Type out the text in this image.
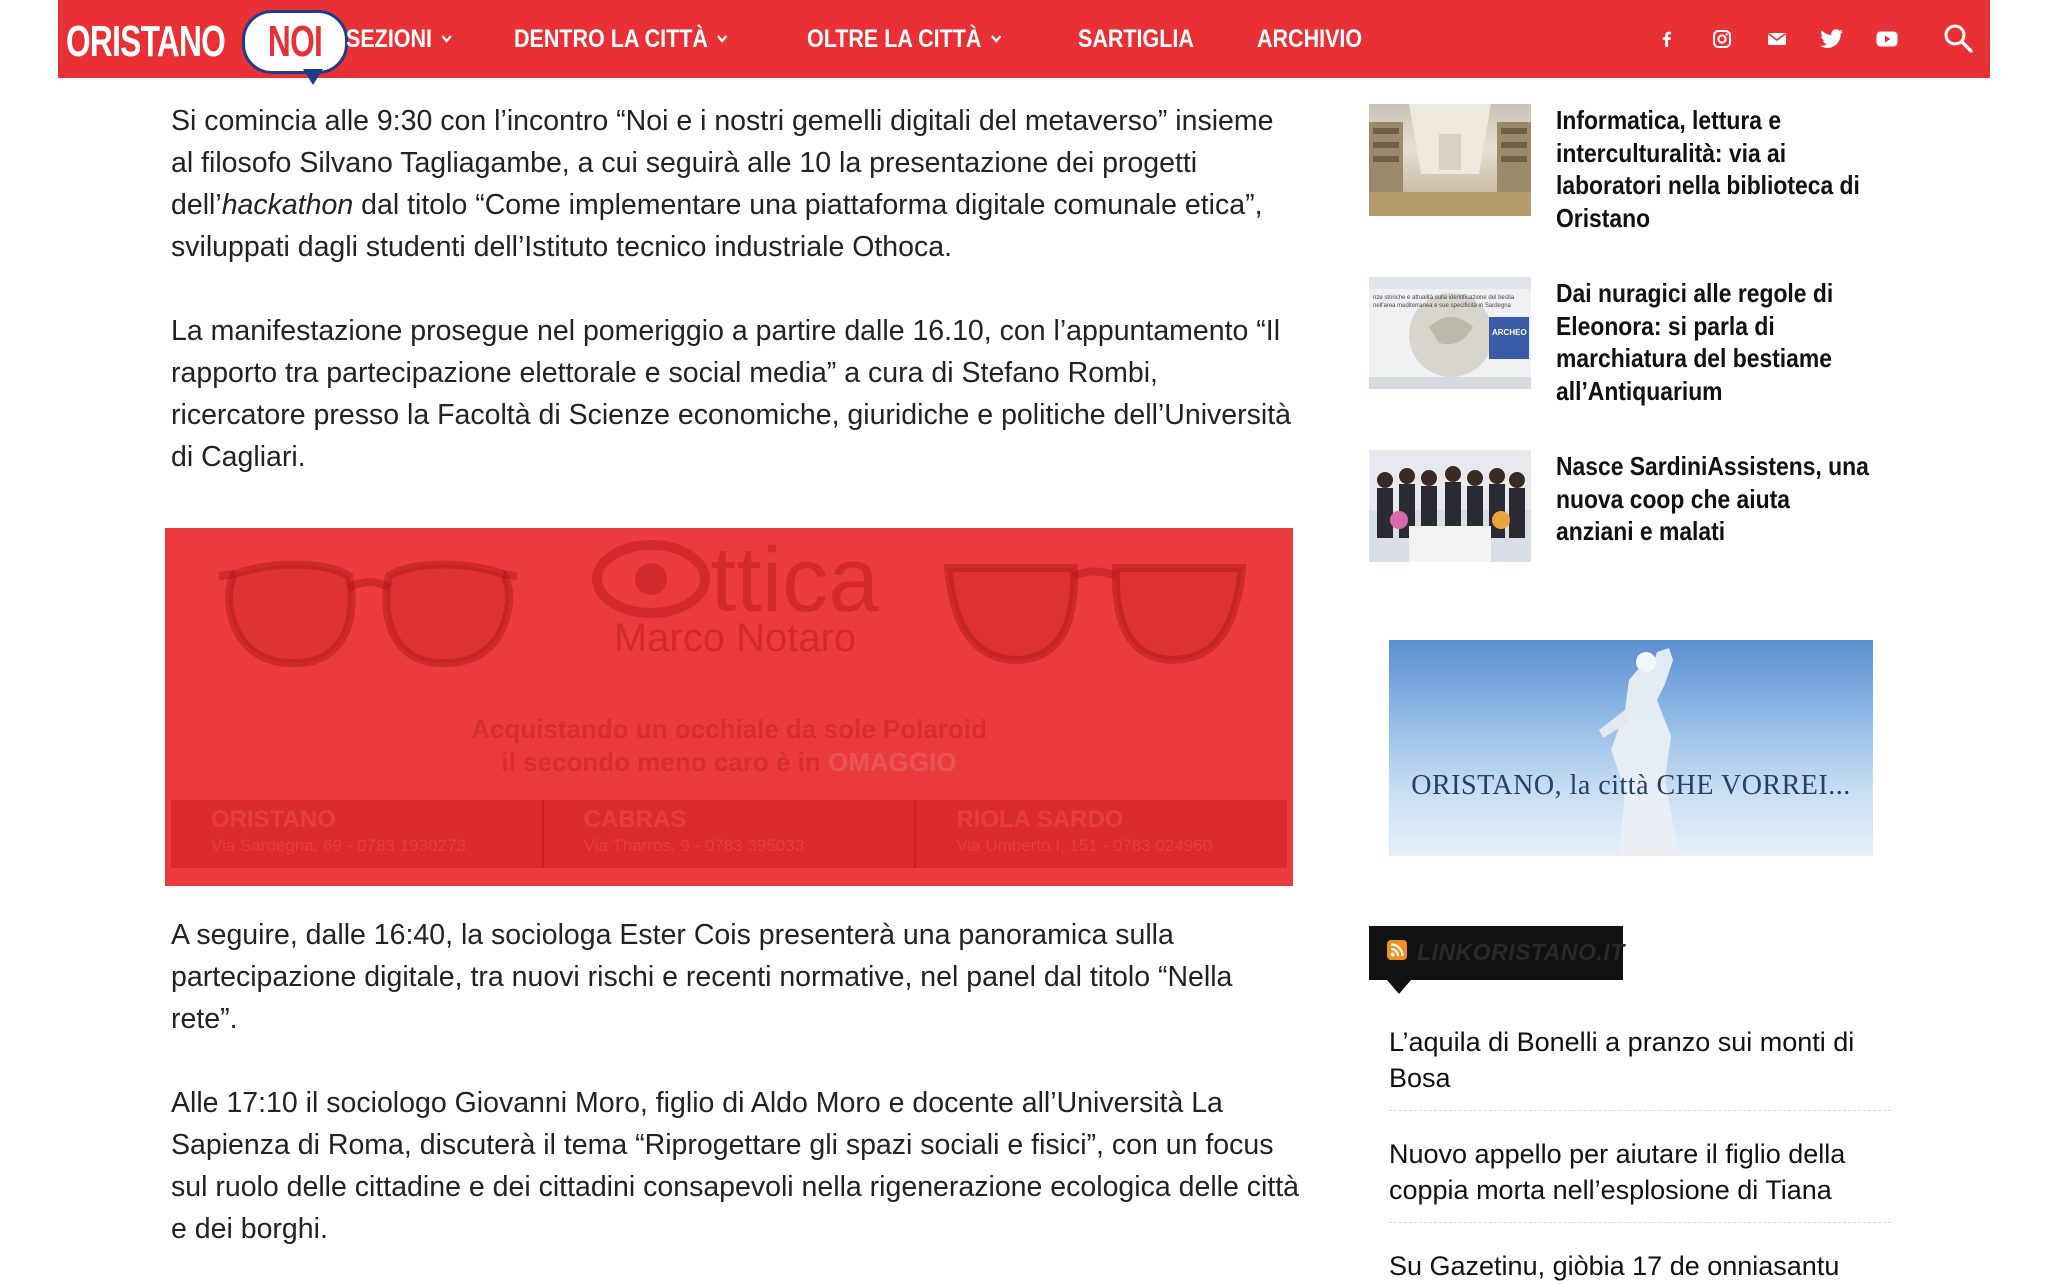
ORISTANO NOI SEZIONI	DENTRO LA CITTÀ	OLTRE LA CITTÀ	SARTIGLIA	ARCHIVIO

Si comincia alle 9:30 con l’incontro “Noi e i nostri gemelli digitali del metaverso” insieme al filosofo Silvano Tagliagambe, a cui seguirà alle 10 la presentazione dei progetti dell’hackathon dal titolo “Come implementare una piattaforma digitale comunale etica”, sviluppati dagli studenti dell’Istituto tecnico industriale Othoca.

La manifestazione prosegue nel pomeriggio a partire dalle 16.10, con l’appuntamento “Il rapporto tra partecipazione elettorale e social media” a cura di Stefano Rombi, ricercatore presso la Facoltà di Scienze economiche, giuridiche e politiche dell’Università di Cagliari.

A seguire, dalle 16:40, la sociologa Ester Cois presenterà una panoramica sulla partecipazione digitale, tra nuovi rischi e recenti normative, nel panel dal titolo “Nella rete”.

Alle 17:10 il sociologo Giovanni Moro, figlio di Aldo Moro e docente all’Università La Sapienza di Roma, discuterà il tema “Riprogettare gli spazi sociali e fisici”, con un focus sul ruolo delle cittadine e dei cittadini consapevoli nella rigenerazione ecologica delle città e dei borghi.

ttica
Marco Notaro
Acquistando un occhiale da sole Polaroid
il secondo meno caro è in OMAGGIO
ORISTANO
Via Sardegna, 69 - 0783 1930273
CABRAS
Via Tharros, 9 - 0783 395033
RIOLA SARDO
Via Umberto I, 151 - 0783 024960
Informatica, lettura e
interculturalità: via ai
laboratori nella biblioteca di
Oristano
nze storiche e attualità sulla identificazione del bestia
nell'area mediterranea e sue specificità in Sardegna
ARCHEO
Dai nuragici alle regole di
Eleonora: si parla di
marchiatura del bestiame
all’Antiquarium
Nasce SardiniAssistens, una
nuova coop che aiuta
anziani e malati
ORISTANO, la città CHE VORREI...
LINKORISTANO.IT
L’aquila di Bonelli a pranzo sui monti di
Bosa
Nuovo appello per aiutare il figlio della
coppia morta nell’esplosione di Tiana
Su Gazetinu, giòbia 17 de onniasantu
